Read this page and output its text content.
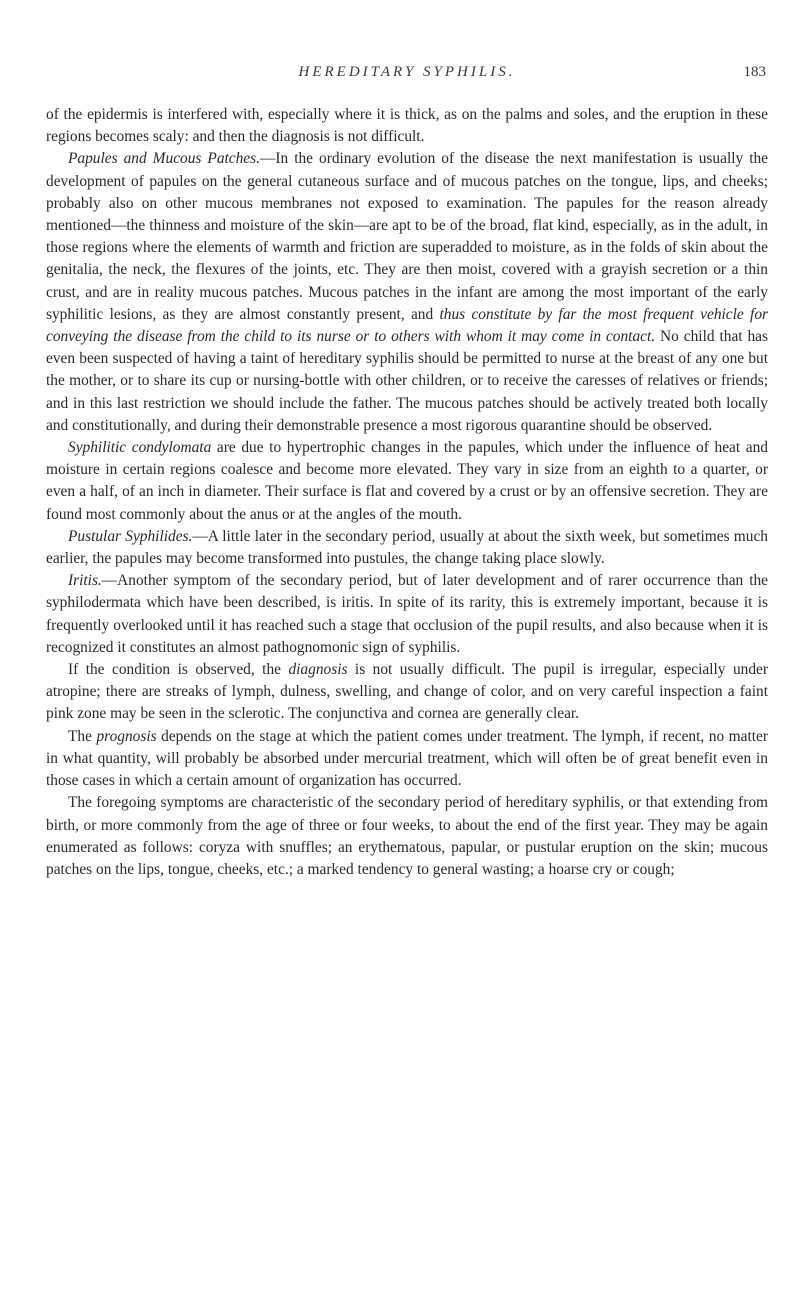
HEREDITARY SYPHILIS.	183

of the epidermis is interfered with, especially where it is thick, as on the palms and soles, and the eruption in these regions becomes scaly: and then the diagnosis is not difficult.

Papules and Mucous Patches.—In the ordinary evolution of the disease the next manifestation is usually the development of papules on the general cutaneous surface and of mucous patches on the tongue, lips, and cheeks; probably also on other mucous membranes not exposed to examination. The papules for the reason already mentioned—the thinness and moisture of the skin—are apt to be of the broad, flat kind, especially, as in the adult, in those regions where the elements of warmth and friction are superadded to moisture, as in the folds of skin about the genitalia, the neck, the flexures of the joints, etc. They are then moist, covered with a grayish secretion or a thin crust, and are in reality mucous patches. Mucous patches in the infant are among the most important of the early syphilitic lesions, as they are almost constantly present, and thus constitute by far the most frequent vehicle for conveying the disease from the child to its nurse or to others with whom it may come in contact. No child that has even been suspected of having a taint of hereditary syphilis should be permitted to nurse at the breast of any one but the mother, or to share its cup or nursing-bottle with other children, or to receive the caresses of relatives or friends; and in this last restriction we should include the father. The mucous patches should be actively treated both locally and constitutionally, and during their demonstrable presence a most rigorous quarantine should be observed.

Syphilitic condylomata are due to hypertrophic changes in the papules, which under the influence of heat and moisture in certain regions coalesce and become more elevated. They vary in size from an eighth to a quarter, or even a half, of an inch in diameter. Their surface is flat and covered by a crust or by an offensive secretion. They are found most commonly about the anus or at the angles of the mouth.

Pustular Syphilides.—A little later in the secondary period, usually at about the sixth week, but sometimes much earlier, the papules may become transformed into pustules, the change taking place slowly.

Iritis.—Another symptom of the secondary period, but of later development and of rarer occurrence than the syphilodermata which have been described, is iritis. In spite of its rarity, this is extremely important, because it is frequently overlooked until it has reached such a stage that occlusion of the pupil results, and also because when it is recognized it constitutes an almost pathognomonic sign of syphilis.

If the condition is observed, the diagnosis is not usually difficult. The pupil is irregular, especially under atropine; there are streaks of lymph, dulness, swelling, and change of color, and on very careful inspection a faint pink zone may be seen in the sclerotic. The conjunctiva and cornea are generally clear.

The prognosis depends on the stage at which the patient comes under treatment. The lymph, if recent, no matter in what quantity, will probably be absorbed under mercurial treatment, which will often be of great benefit even in those cases in which a certain amount of organization has occurred.

The foregoing symptoms are characteristic of the secondary period of hereditary syphilis, or that extending from birth, or more commonly from the age of three or four weeks, to about the end of the first year. They may be again enumerated as follows: coryza with snuffles; an erythematous, papular, or pustular eruption on the skin; mucous patches on the lips, tongue, cheeks, etc.; a marked tendency to general wasting; a hoarse cry or cough;
